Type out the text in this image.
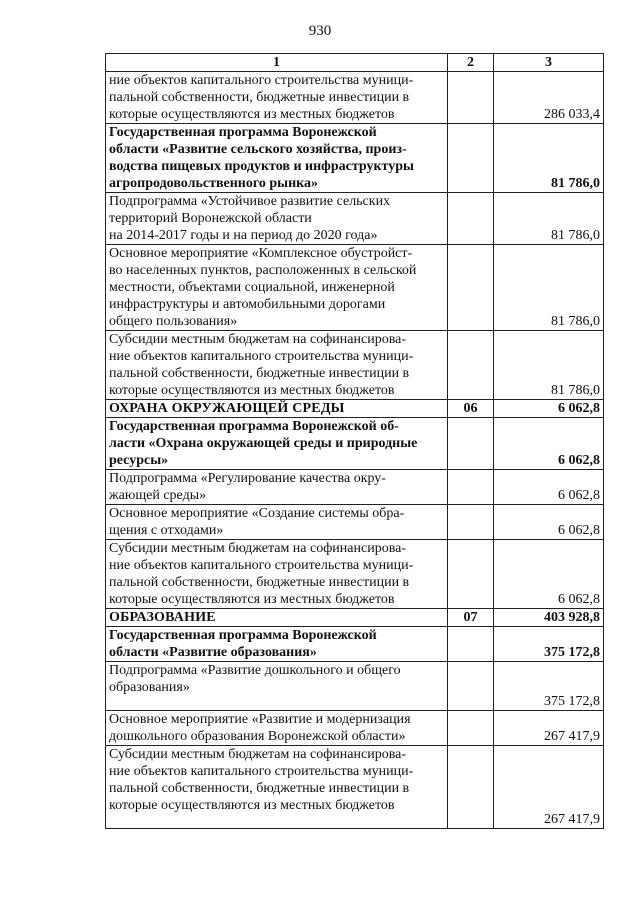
930
1	2	3

ние объектов капитального строительства муници-
пальной собственности, бюджетные инвестиции в
которые осуществляются из местных бюджетов		286 033,4

Государственная программа Воронежской
области «Развитие сельского хозяйства, произ-
водства пищевых продуктов и инфраструктуры
агропродовольственного рынка»		81 786,0

Подпрограмма «Устойчивое развитие сельских
территорий Воронежской области
на 2014-2017 годы и на период до 2020 года»		81 786,0

Основное мероприятие «Комплексное обустройст-
во населенных пунктов, расположенных в сельской
местности, объектами социальной, инженерной
инфраструктуры и автомобильными дорогами
общего пользования»		81 786,0

Субсидии местным бюджетам на софинансирова-
ние объектов капитального строительства муници-
пальной собственности, бюджетные инвестиции в
которые осуществляются из местных бюджетов		81 786,0

ОХРАНА ОКРУЖАЮЩЕЙ СРЕДЫ	06	6 062,8

Государственная программа Воронежской об-
ласти «Охрана окружающей среды и природные
ресурсы»		6 062,8

Подпрограмма «Регулирование качества окру-
жающей среды»		6 062,8

Основное мероприятие «Создание системы обра-
щения с отходами»		6 062,8

Субсидии местным бюджетам на софинансирова-
ние объектов капитального строительства муници-
пальной собственности, бюджетные инвестиции в
которые осуществляются из местных бюджетов		6 062,8

ОБРАЗОВАНИЕ	07	403 928,8

Государственная программа Воронежской
области «Развитие образования»		375 172,8

Подпрограмма «Развитие дошкольного и общего
образования»		375 172,8

Основное мероприятие «Развитие и модернизация
дошкольного образования Воронежской области»		267 417,9

Субсидии местным бюджетам на софинансирова-
ние объектов капитального строительства муници-
пальной собственности, бюджетные инвестиции в
которые осуществляются из местных бюджетов		267 417,9
